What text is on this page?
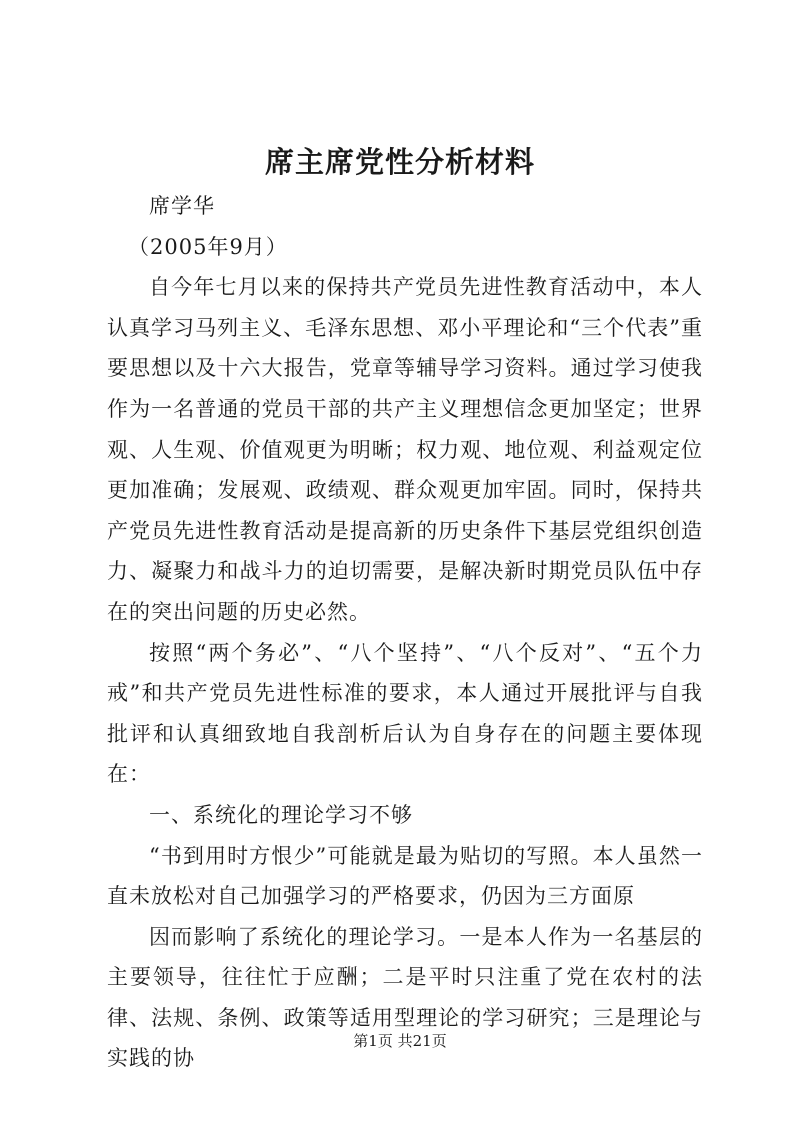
席主席党性分析材料

席学华

（2005年9月）

自今年七月以来的保持共产党员先进性教育活动中，本人认真学习马列主义、毛泽东思想、邓小平理论和“三个代表”重要思想以及十六大报告，党章等辅导学习资料。通过学习使我作为一名普通的党员干部的共产主义理想信念更加坚定；世界观、人生观、价值观更为明晰；权力观、地位观、利益观定位更加准确；发展观、政绩观、群众观更加牢固。同时，保持共产党员先进性教育活动是提高新的历史条件下基层党组织创造力、凝聚力和战斗力的迫切需要，是解决新时期党员队伍中存在的突出问题的历史必然。

按照“两个务必”、“八个坚持”、“八个反对”、“五个力戒”和共产党员先进性标准的要求，本人通过开展批评与自我批评和认真细致地自我剖析后认为自身存在的问题主要体现在：

一、系统化的理论学习不够

“书到用时方恨少”可能就是最为贴切的写照。本人虽然一直未放松对自己加强学习的严格要求，仍因为三方面原

因而影响了系统化的理论学习。一是本人作为一名基层的主要领导，往往忙于应酬；二是平时只注重了党在农村的法律、法规、条例、政策等适用型理论的学习研究；三是理论与实践的协

第1页 共21页
